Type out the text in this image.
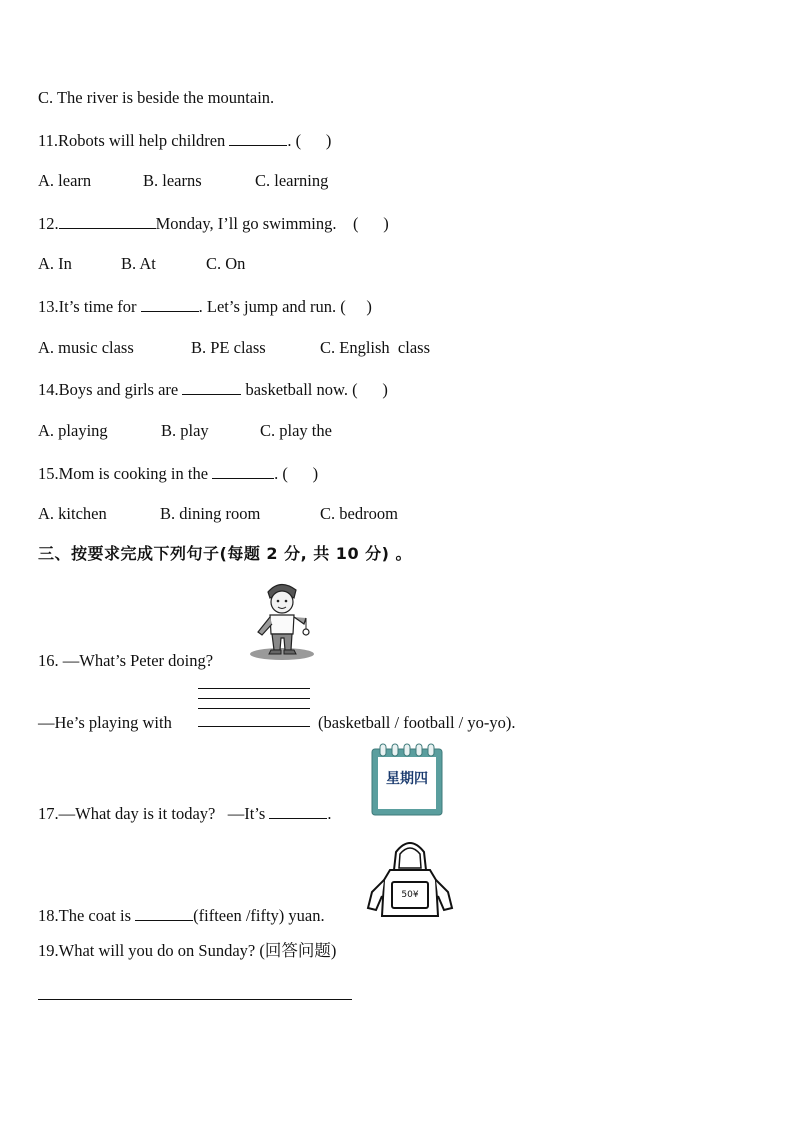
C. The river is beside the mountain.
11.Robots will help children	. (      )
A. learn	B. learns	C. learning
12.	Monday, I’ll go swimming.    (      )
A. In	B. At	C. On
13.It’s time for	. Let’s jump and run. (     )
A. music class	B. PE class	C. English  class
14.Boys and girls are	basketball now. (      )
A. playing	B. play	C. play the
15.Mom is cooking in the	. (      )
A. kitchen	B. dining room	C. bedroom
三、按要求完成下列句子(每题 2 分, 共 10 分) 。
16. —What’s Peter doing?
—He’s playing with	(basketball / football / yo-yo).
星期四
17.—What day is it today?   —It’s	.
50¥
18.The coat is	(fifteen /fifty) yuan.
19.What will you do on Sunday? (回答问题)
